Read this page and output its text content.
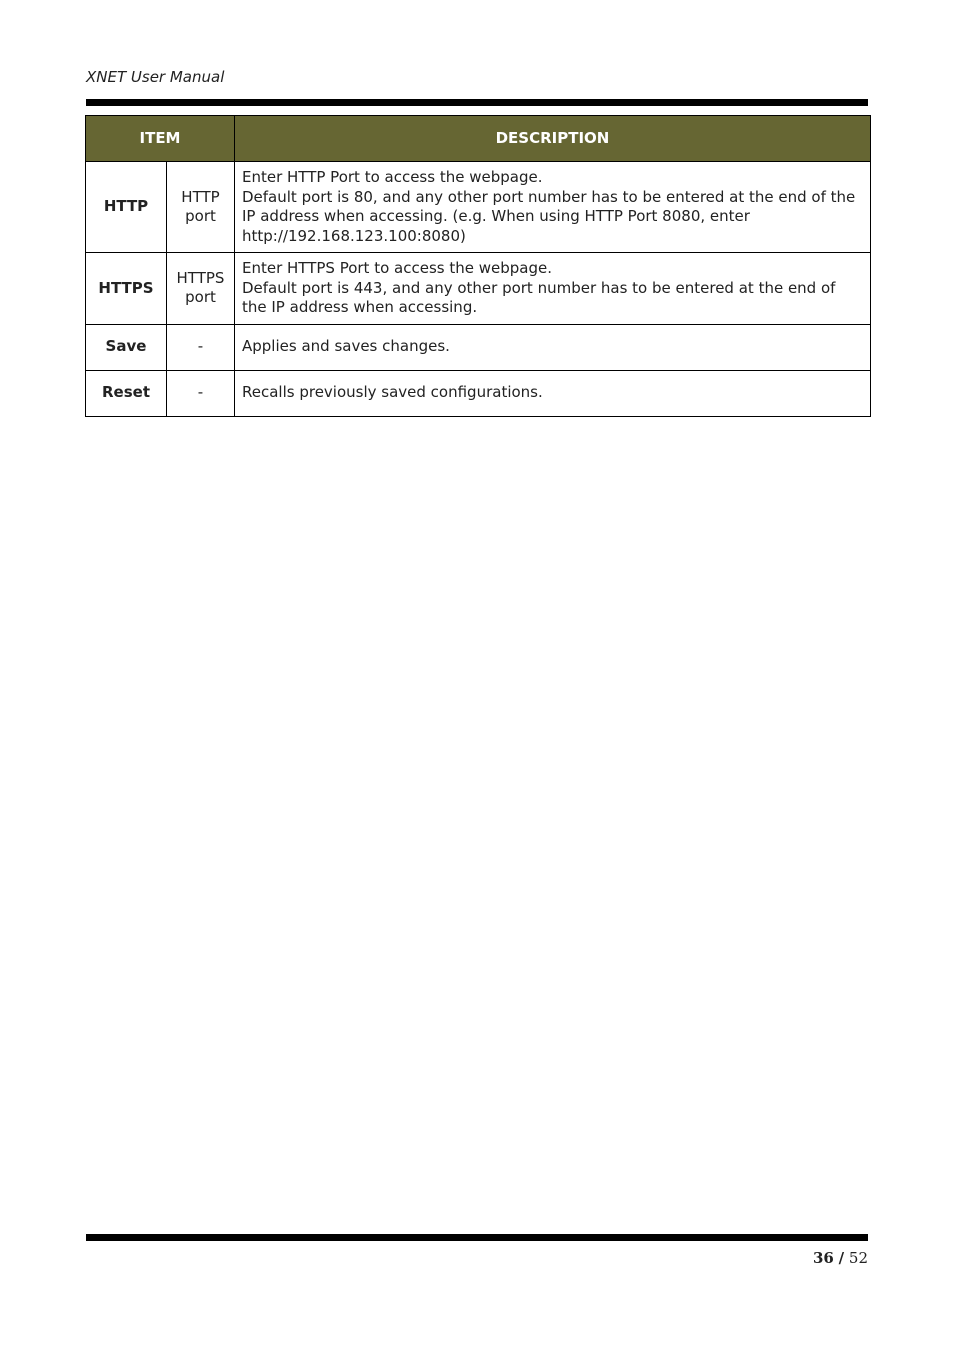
XNET User Manual
ITEM		DESCRIPTION
HTTP	HTTP port	Enter HTTP Port to access the webpage.
Default port is 80, and any other port number has to be entered at the end of the IP address when accessing. (e.g. When using HTTP Port 8080, enter http://192.168.123.100:8080)

HTTPS	HTTPS port	Enter HTTPS Port to access the webpage.
Default port is 443, and any other port number has to be entered at the end of the IP address when accessing.

Save	-	Applies and saves changes.

Reset	-	Recalls previously saved configurations.
36 / 52
